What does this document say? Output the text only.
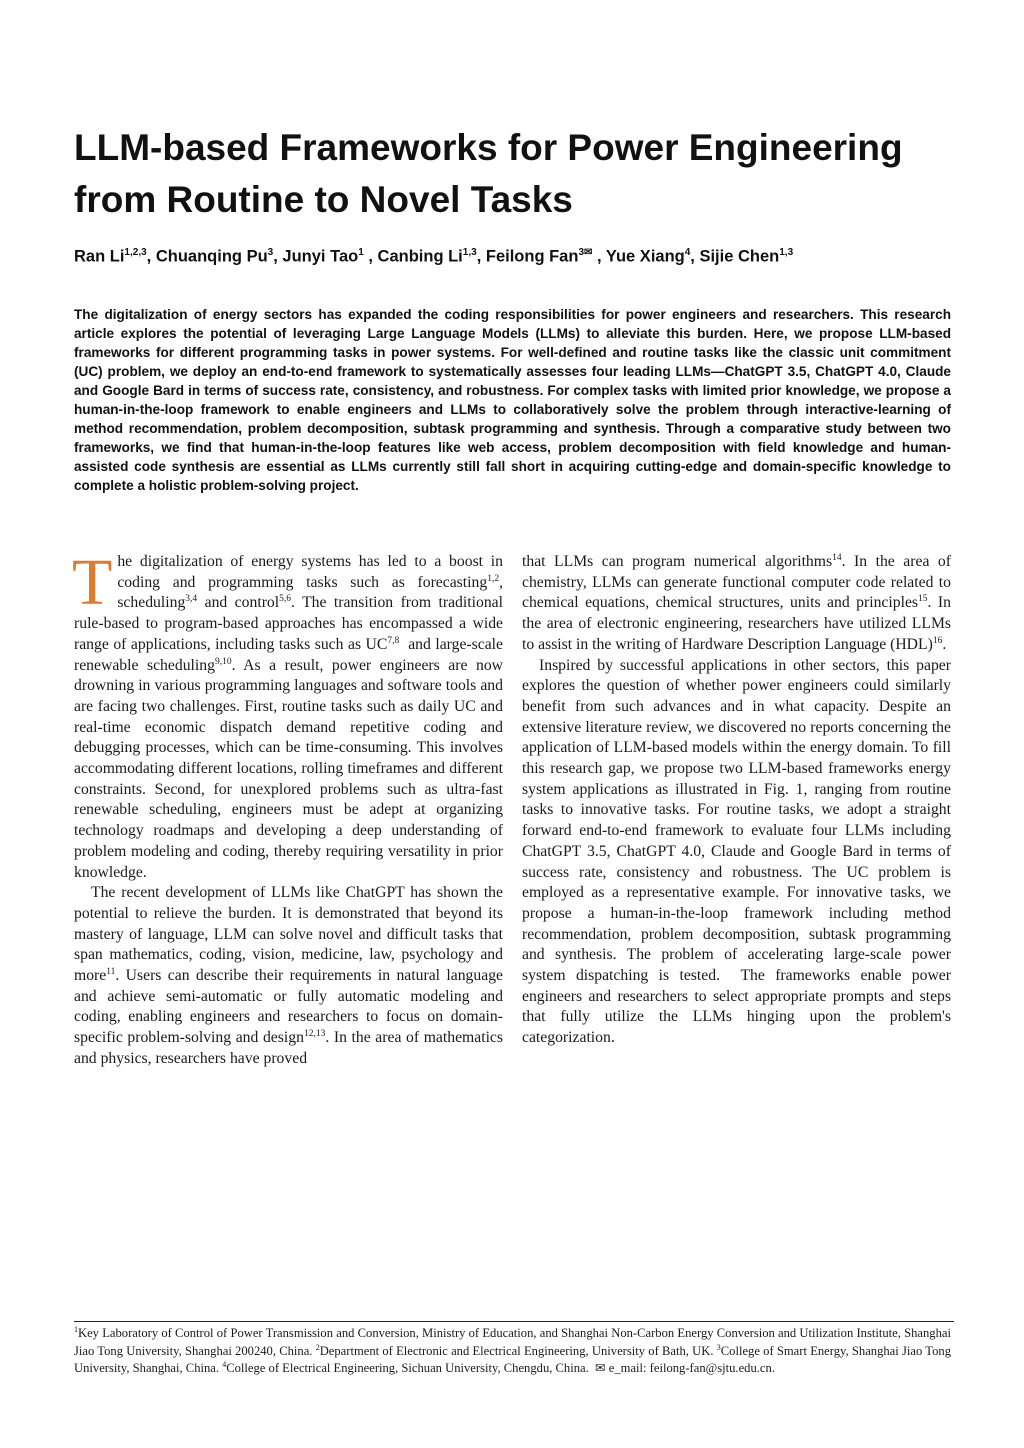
LLM-based Frameworks for Power Engineering from Routine to Novel Tasks
Ran Li$^{1,2,3}$, Chuanqing Pu$^3$, Junyi Tao$^1$ , Canbing Li$^{1,3}$, Feilong Fan$^{3✉}$ , Yue Xiang$^4$, Sijie Chen$^{1,3}$

The digitalization of energy sectors has expanded the coding responsibilities for power engineers and researchers. This research article explores the potential of leveraging Large Language Models (LLMs) to alleviate this burden. Here, we propose LLM-based frameworks for different programming tasks in power systems. For well-defined and routine tasks like the classic unit commitment (UC) problem, we deploy an end-to-end framework to systematically assesses four leading LLMs—ChatGPT 3.5, ChatGPT 4.0, Claude and Google Bard in terms of success rate, consistency, and robustness. For complex tasks with limited prior knowledge, we propose a human-in-the-loop framework to enable engineers and LLMs to collaboratively solve the problem through interactive-learning of method recommendation, problem decomposition, subtask programming and synthesis. Through a comparative study between two frameworks, we find that human-in-the-loop features like web access, problem decomposition with field knowledge and human-assisted code synthesis are essential as LLMs currently still fall short in acquiring cutting-edge and domain-specific knowledge to complete a holistic problem-solving project.

T he digitalization of energy systems has led to a boost in coding and programming tasks such as forecasting$^{1,2}$, scheduling$^{3,4}$ and control$^{5,6}$. The transition from traditional rule-based to program-based approaches has encompassed a wide range of applications, including tasks such as UC$^{7,8}$  and large-scale renewable scheduling$^{9,10}$. As a result, power engineers are now drowning in various programming languages and software tools and are facing two challenges. First, routine tasks such as daily UC and real-time economic dispatch demand repetitive coding and debugging processes, which can be time-consuming. This involves accommodating different locations, rolling timeframes and different constraints. Second, for unexplored problems such as ultra-fast renewable scheduling, engineers must be adept at organizing technology roadmaps and developing a deep understanding of problem modeling and coding, thereby requiring versatility in prior knowledge.

The recent development of LLMs like ChatGPT has shown the potential to relieve the burden. It is demonstrated that beyond its mastery of language, LLM can solve novel and difficult tasks that span mathematics, coding, vision, medicine, law, psychology and more$^{11}$. Users can describe their requirements in natural language and achieve semi-automatic or fully automatic modeling and coding, enabling engineers and researchers to focus on domain-specific problem-solving and design$^{12,13}$. In the area of mathematics and physics, researchers have proved

that LLMs can program numerical algorithms$^{14}$. In the area of chemistry, LLMs can generate functional computer code related to chemical equations, chemical structures, units and principles$^{15}$. In the area of electronic engineering, researchers have utilized LLMs to assist in the writing of Hardware Description Language (HDL)$^{16}$.

Inspired by successful applications in other sectors, this paper explores the question of whether power engineers could similarly benefit from such advances and in what capacity. Despite an extensive literature review, we discovered no reports concerning the application of LLM-based models within the energy domain. To fill this research gap, we propose two LLM-based frameworks energy system applications as illustrated in Fig. 1, ranging from routine tasks to innovative tasks. For routine tasks, we adopt a straight forward end-to-end framework to evaluate four LLMs including ChatGPT 3.5, ChatGPT 4.0, Claude and Google Bard in terms of success rate, consistency and robustness. The UC problem is employed as a representative example. For innovative tasks, we propose a human-in-the-loop framework including method recommendation, problem decomposition, subtask programming and synthesis. The problem of accelerating large-scale power system dispatching is tested.  The frameworks enable power engineers and researchers to select appropriate prompts and steps that fully utilize the LLMs hinging upon the problem's categorization.

$^1$Key Laboratory of Control of Power Transmission and Conversion, Ministry of Education, and Shanghai Non-Carbon Energy Conversion and Utilization Institute, Shanghai Jiao Tong University, Shanghai 200240, China. $^2$Department of Electronic and Electrical Engineering, University of Bath, UK. $^3$College of Smart Energy, Shanghai Jiao Tong University, Shanghai, China. $^4$College of Electrical Engineering, Sichuan University, Chengdu, China.  ✉ e_mail: feilong-fan@sjtu.edu.cn.
